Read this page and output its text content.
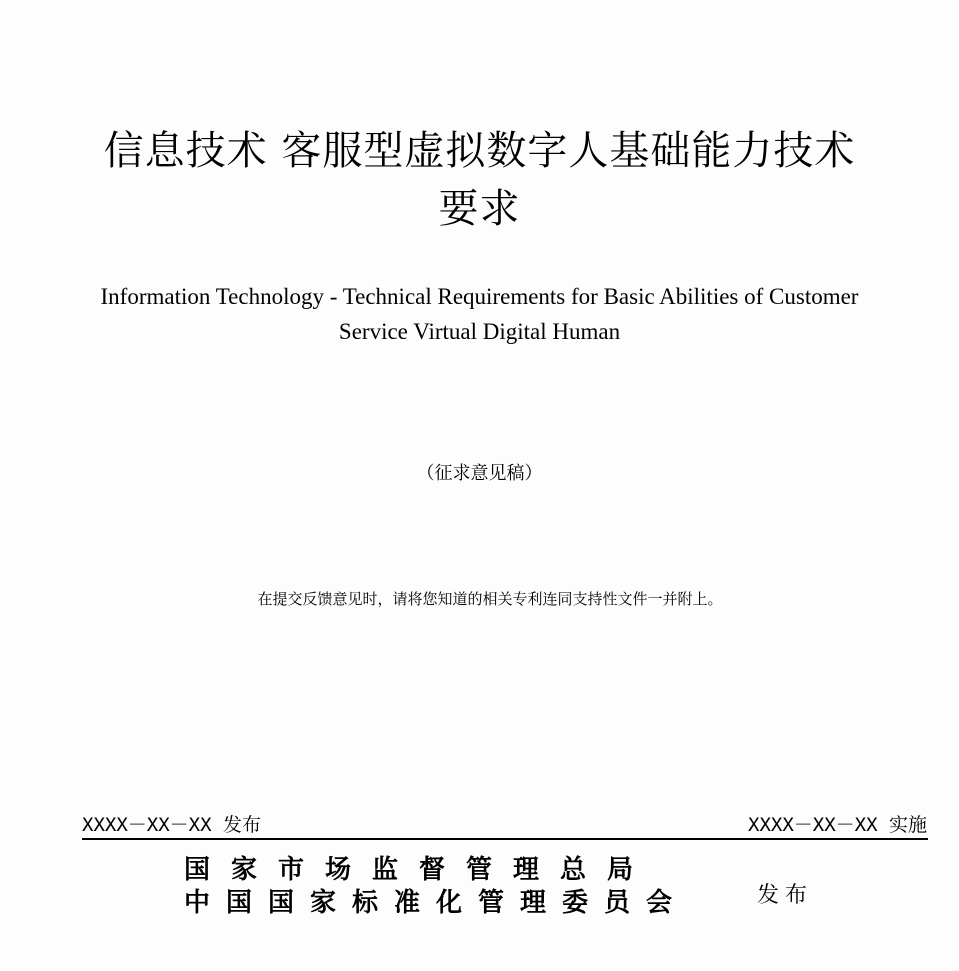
信息技术 客服型虚拟数字人基础能力技术
要求
Information Technology - Technical Requirements for Basic Abilities of Customer
Service Virtual Digital Human
（征求意见稿）
在提交反馈意见时，请将您知道的相关专利连同支持性文件一并附上。
XXXX－XX－XX 发布	XXXX－XX－XX 实施
国家市场监督管理总局
中国国家标准化管理委员会	发布
